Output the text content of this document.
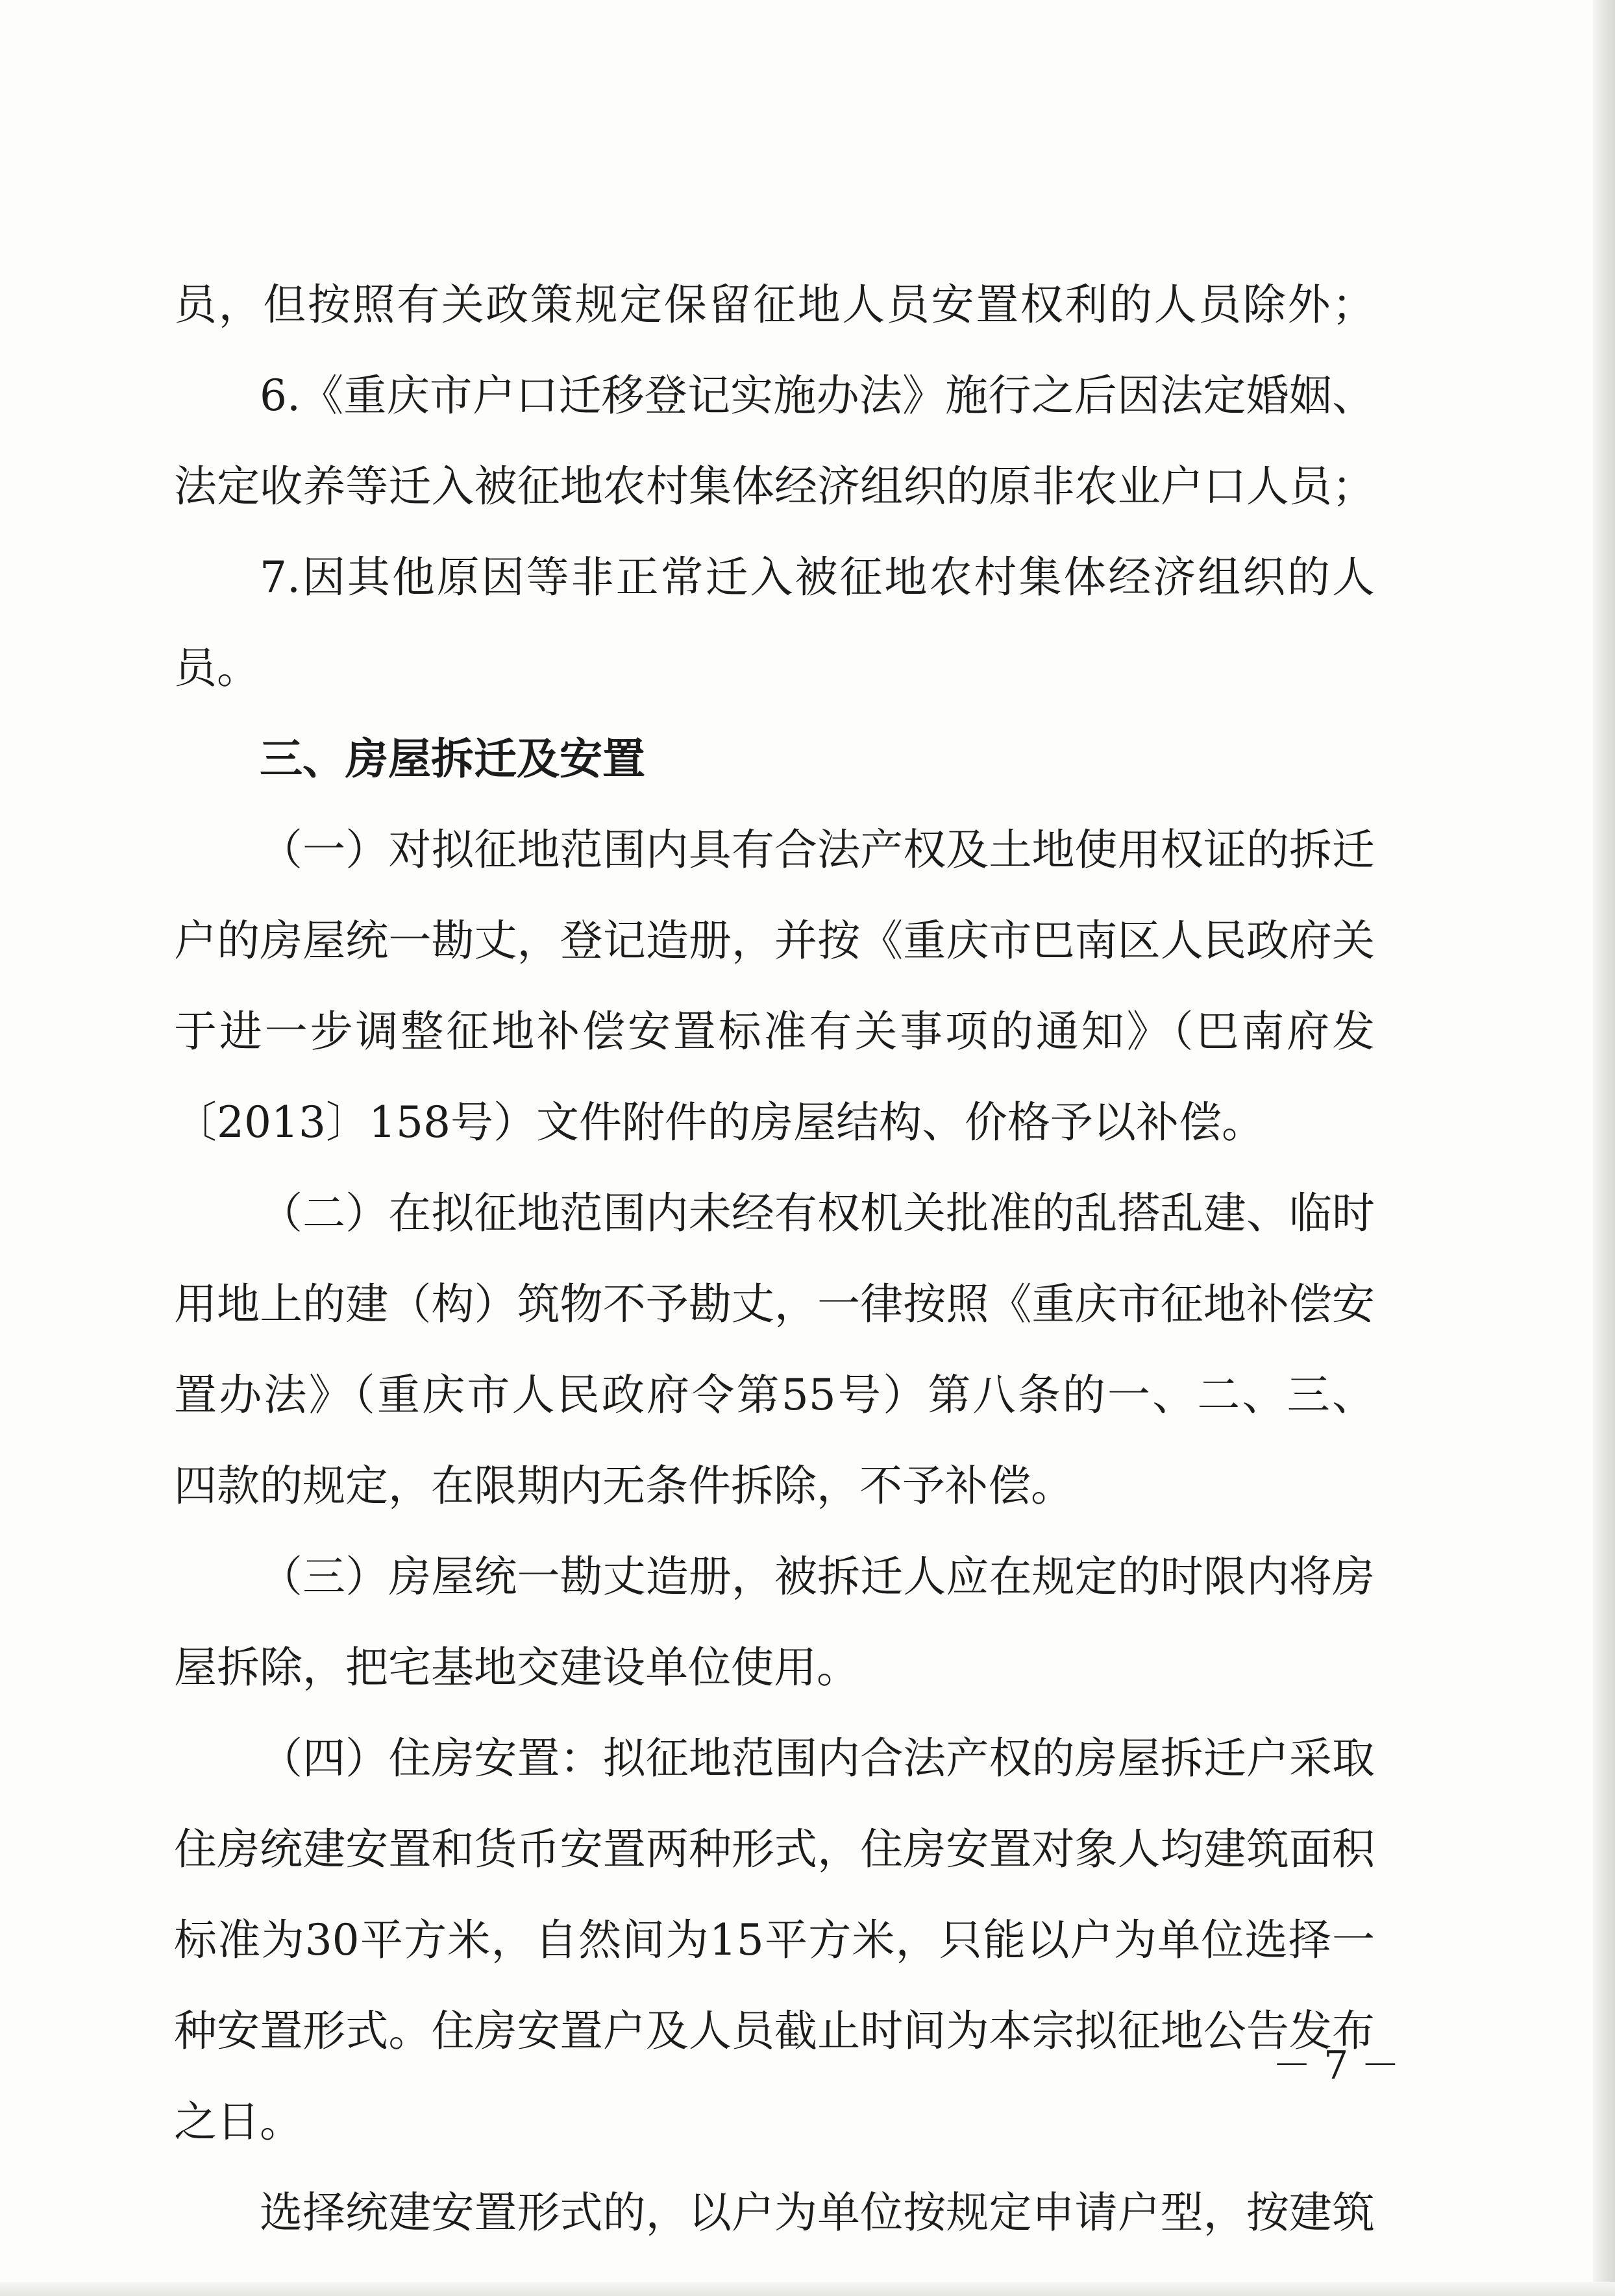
员，但按照有关政策规定保留征地人员安置权利的人员除外；
6.《重庆市户口迁移登记实施办法》施行之后因法定婚姻、
法定收养等迁入被征地农村集体经济组织的原非农业户口人员；
7.因其他原因等非正常迁入被征地农村集体经济组织的人
员。
三、房屋拆迁及安置
（一）对拟征地范围内具有合法产权及土地使用权证的拆迁
户的房屋统一勘丈，登记造册，并按《重庆市巴南区人民政府关
于进一步调整征地补偿安置标准有关事项的通知》（巴南府发
〔2013〕158号）文件附件的房屋结构、价格予以补偿。
（二）在拟征地范围内未经有权机关批准的乱搭乱建、临时
用地上的建（构）筑物不予勘丈，一律按照《重庆市征地补偿安
置办法》（重庆市人民政府令第55号）第八条的一、二、三、
四款的规定，在限期内无条件拆除，不予补偿。
（三）房屋统一勘丈造册，被拆迁人应在规定的时限内将房
屋拆除，把宅基地交建设单位使用。
（四）住房安置：拟征地范围内合法产权的房屋拆迁户采取
住房统建安置和货币安置两种形式，住房安置对象人均建筑面积
标准为30平方米，自然间为15平方米，只能以户为单位选择一
种安置形式。住房安置户及人员截止时间为本宗拟征地公告发布
之日。
选择统建安置形式的，以户为单位按规定申请户型，按建筑
－ 7 －
